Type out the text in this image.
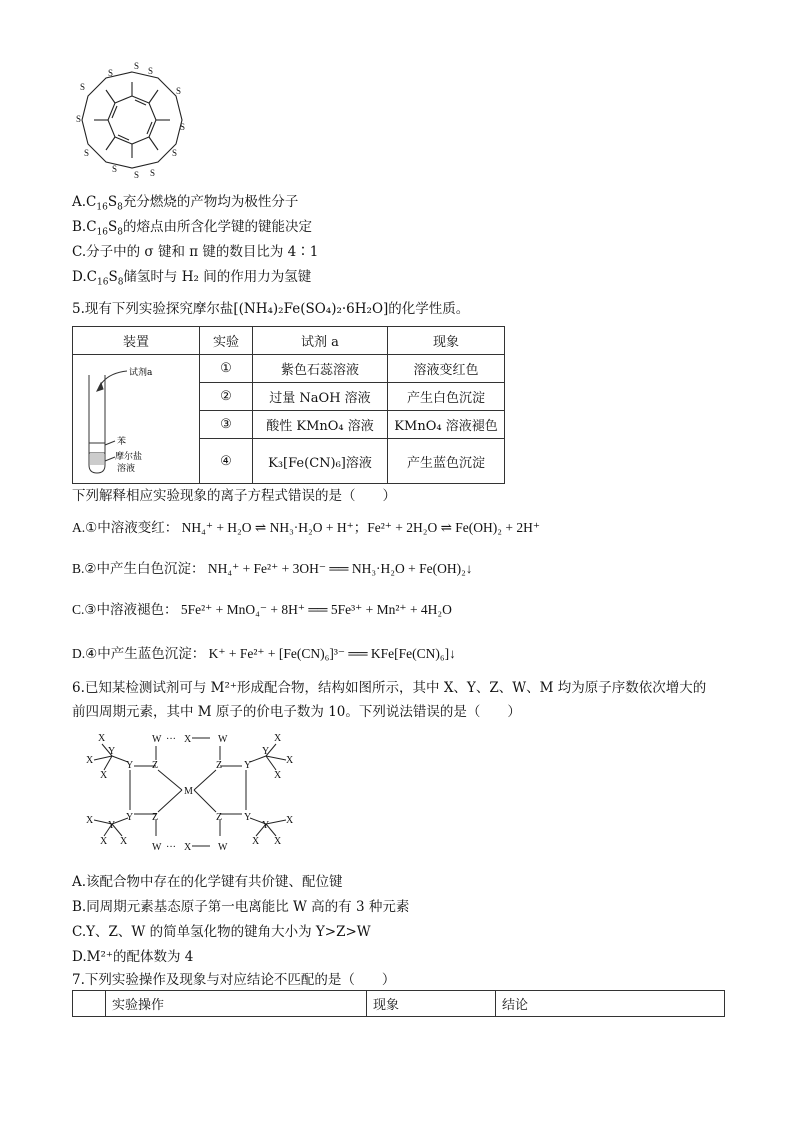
S	S
S
S
S
S
S
S
S
S
S
S
$A.C_{16}S_8$充分燃烧的产物均为极性分子
$B.C_{16}S_8$的熔点由所含化学键的键能决定
C.分子中的 σ 键和 π 键的数目比为 4∶1
$D.C_{16}S_8$储氢时与 H₂ 间的作用力为氢键
5.现有下列实验探究摩尔盐[(NH₄)₂Fe(SO₄)₂·6H₂O]的化学性质。
装置	实验	试剂 a	现象

试剂a
苯
摩尔盐
溶液	①	紫色石蕊溶液	溶液变红色
	②	过量 NaOH 溶液	产生白色沉淀
	③	酸性 KMnO₄ 溶液	KMnO₄ 溶液褪色
	④	K₃[Fe(CN)₆]溶液	产生蓝色沉淀
下列解释相应实验现象的离子方程式错误的是（　　）
A.①中溶液变红： NH₄⁺ + H₂O ⇌ NH₃·H₂O + H⁺；Fe²⁺ + 2H₂O ⇌ Fe(OH)₂ + 2H⁺
B.②中产生白色沉淀： NH₄⁺ + Fe²⁺ + 3OH⁻ ══ NH₃·H₂O + Fe(OH)₂↓
C.③中溶液褪色： 5Fe²⁺ + MnO₄⁻ + 8H⁺ ══ 5Fe³⁺ + Mn²⁺ + 4H₂O
D.④中产生蓝色沉淀： K⁺ + Fe²⁺ + [Fe(CN)₆]³⁻ ══ KFe[Fe(CN)₆]↓
6.已知某检测试剂可与 M²⁺形成配合物，结构如图所示，其中 X、Y、Z、W、M 均为原子序数依次增大的
前四周期元素，其中 M 原子的价电子数为 10。下列说法错误的是（　　）
M
Z	Z
Z	Z
Y	Y
Y	Y
W	W
W	W
···
···
X
X
Y	Y
Y	Y
X
X
X
X
X
X
X
X X
X
X
X
A.该配合物中存在的化学键有共价键、配位键
B.同周期元素基态原子第一电离能比 W 高的有 3 种元素
C.Y、Z、W 的简单氢化物的键角大小为 Y>Z>W
D.M²⁺的配体数为 4
7.下列实验操作及现象与对应结论不匹配的是（　　）
	实验操作	现象	结论
